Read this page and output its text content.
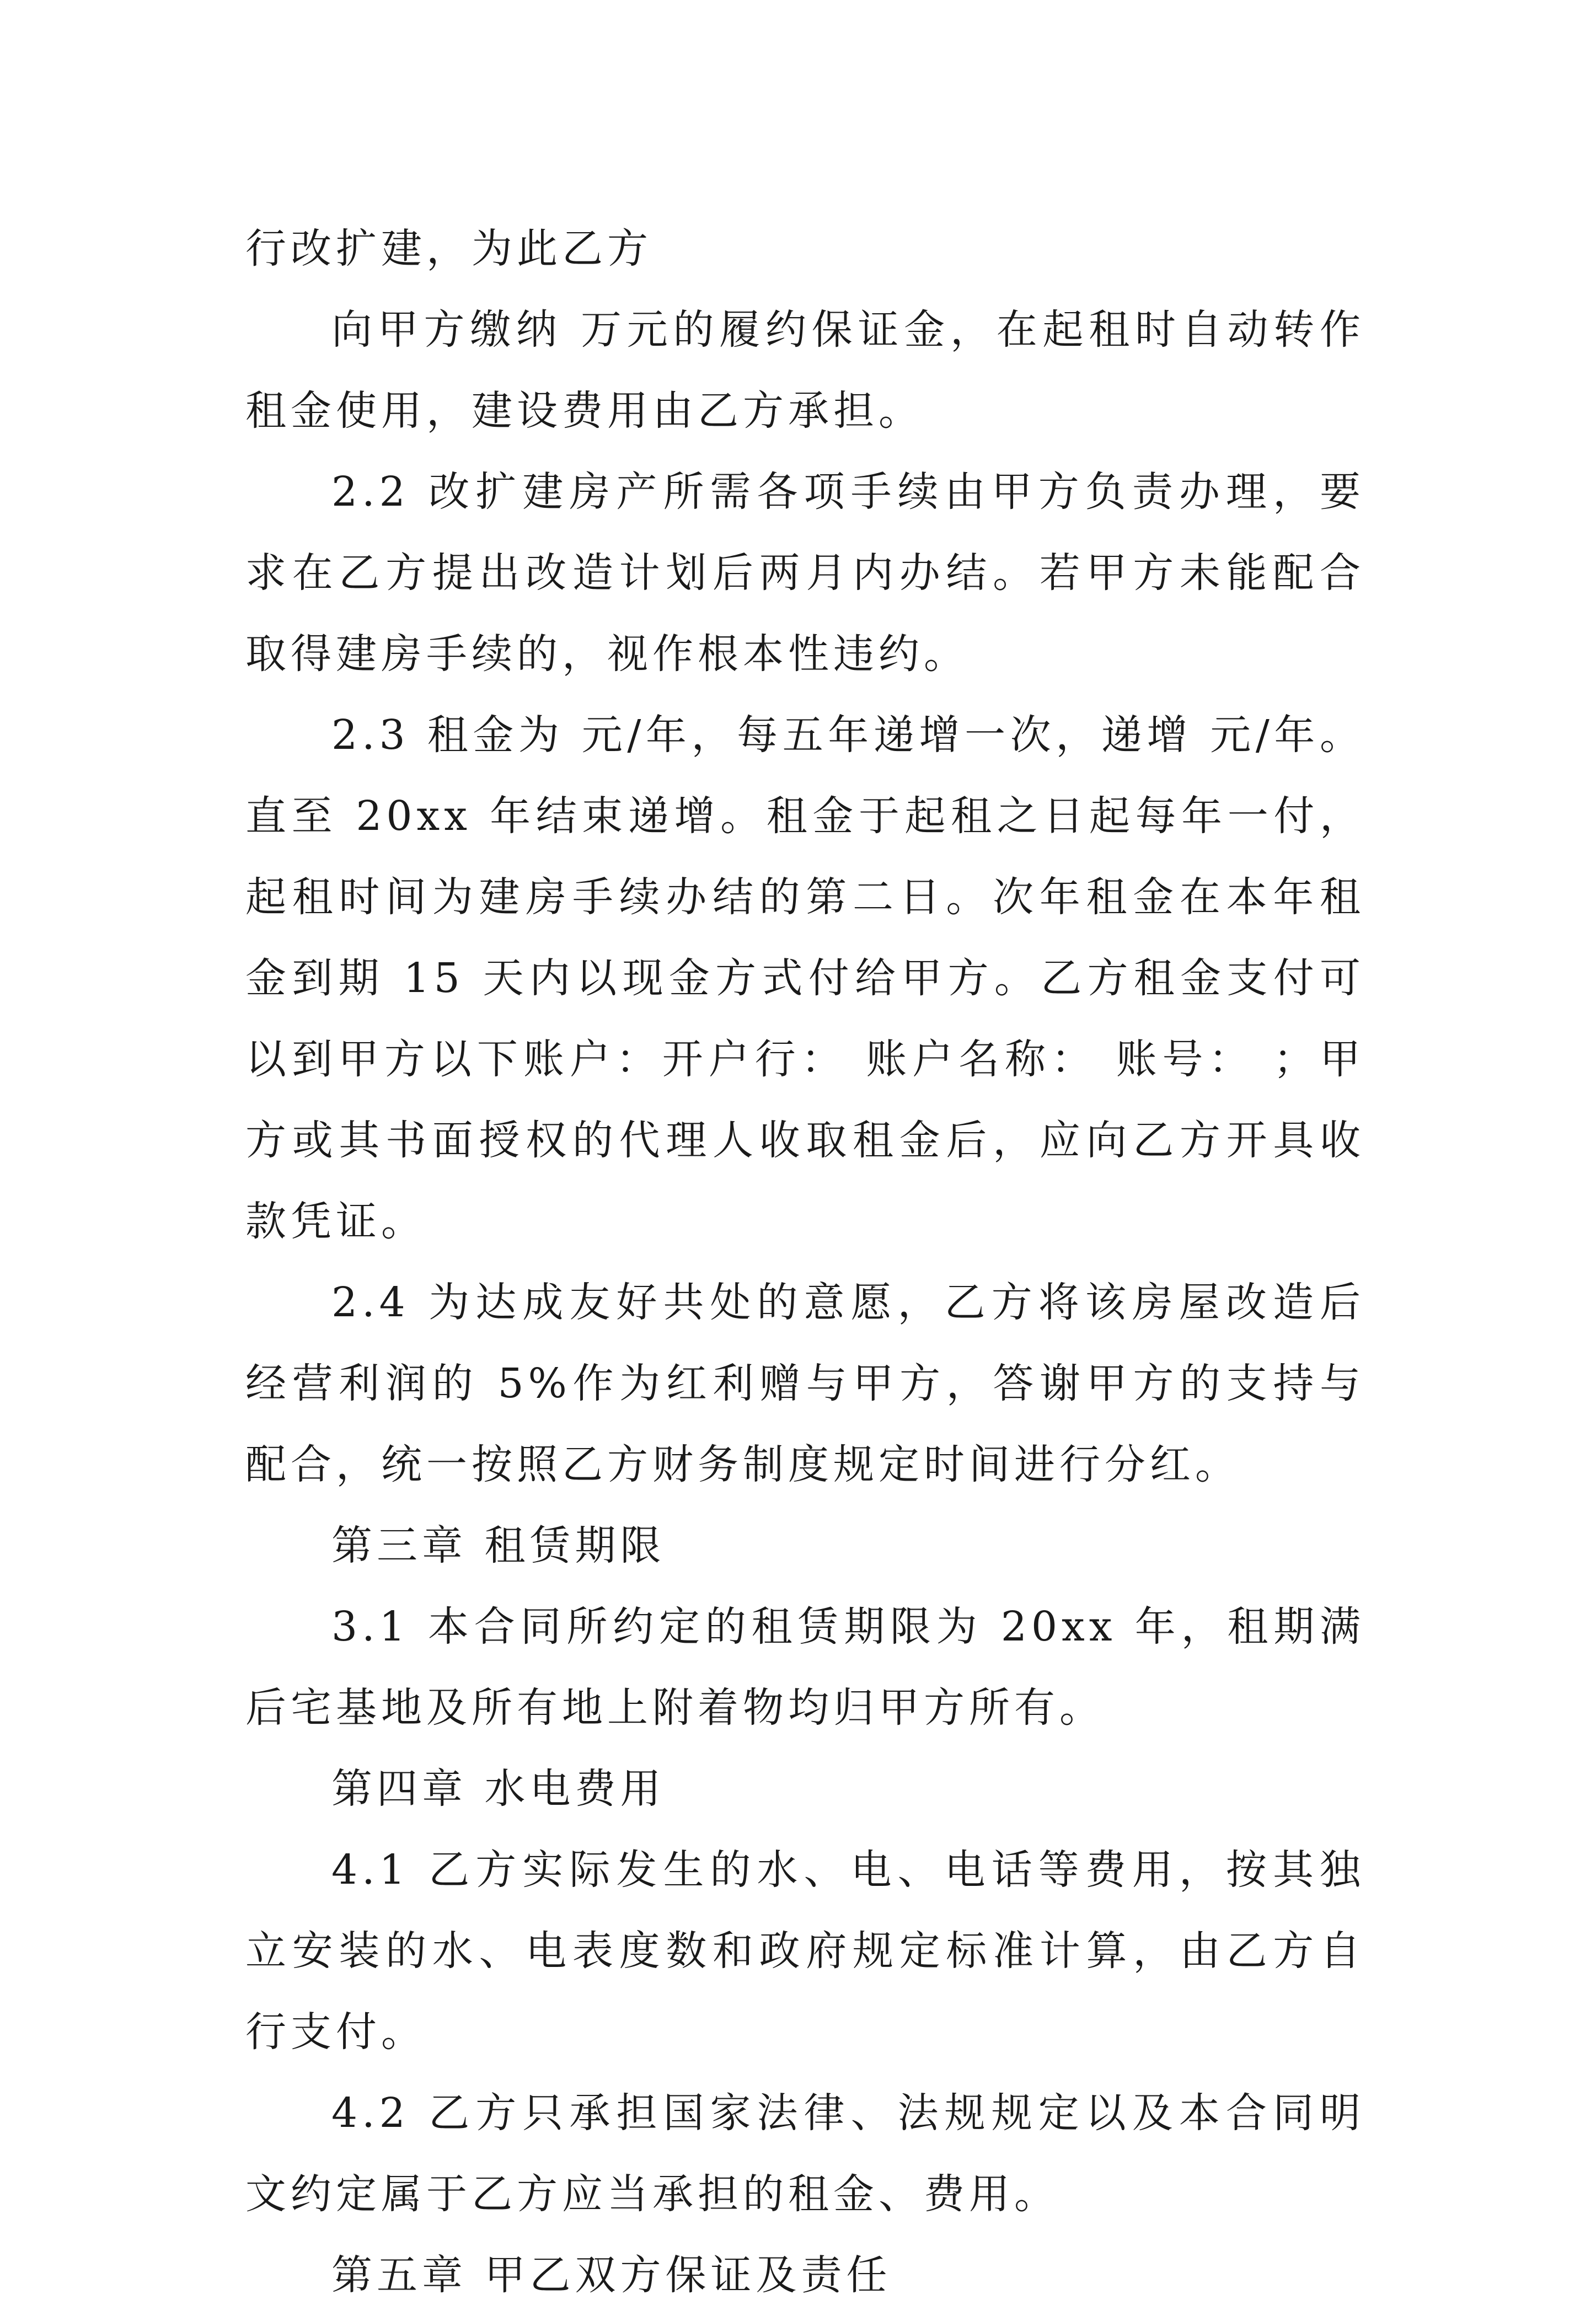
行改扩建，为此乙方

向甲方缴纳 万元的履约保证金，在起租时自动转作租金使用，建设费用由乙方承担。

2.2 改扩建房产所需各项手续由甲方负责办理，要求在乙方提出改造计划后两月内办结。若甲方未能配合取得建房手续的，视作根本性违约。

2.3 租金为 元/年，每五年递增一次，递增 元/年。直至 20xx 年结束递增。租金于起租之日起每年一付，起租时间为建房手续办结的第二日。次年租金在本年租金到期 15 天内以现金方式付给甲方。乙方租金支付可以到甲方以下账户：开户行： 账户名称： 账号： ；甲方或其书面授权的代理人收取租金后，应向乙方开具收款凭证。

2.4 为达成友好共处的意愿，乙方将该房屋改造后经营利润的 5%作为红利赠与甲方，答谢甲方的支持与配合，统一按照乙方财务制度规定时间进行分红。

第三章 租赁期限

3.1 本合同所约定的租赁期限为 20xx 年，租期满后宅基地及所有地上附着物均归甲方所有。

第四章 水电费用

4.1 乙方实际发生的水、电、电话等费用，按其独立安装的水、电表度数和政府规定标准计算，由乙方自行支付。

4.2 乙方只承担国家法律、法规规定以及本合同明文约定属于乙方应当承担的租金、费用。

第五章 甲乙双方保证及责任
